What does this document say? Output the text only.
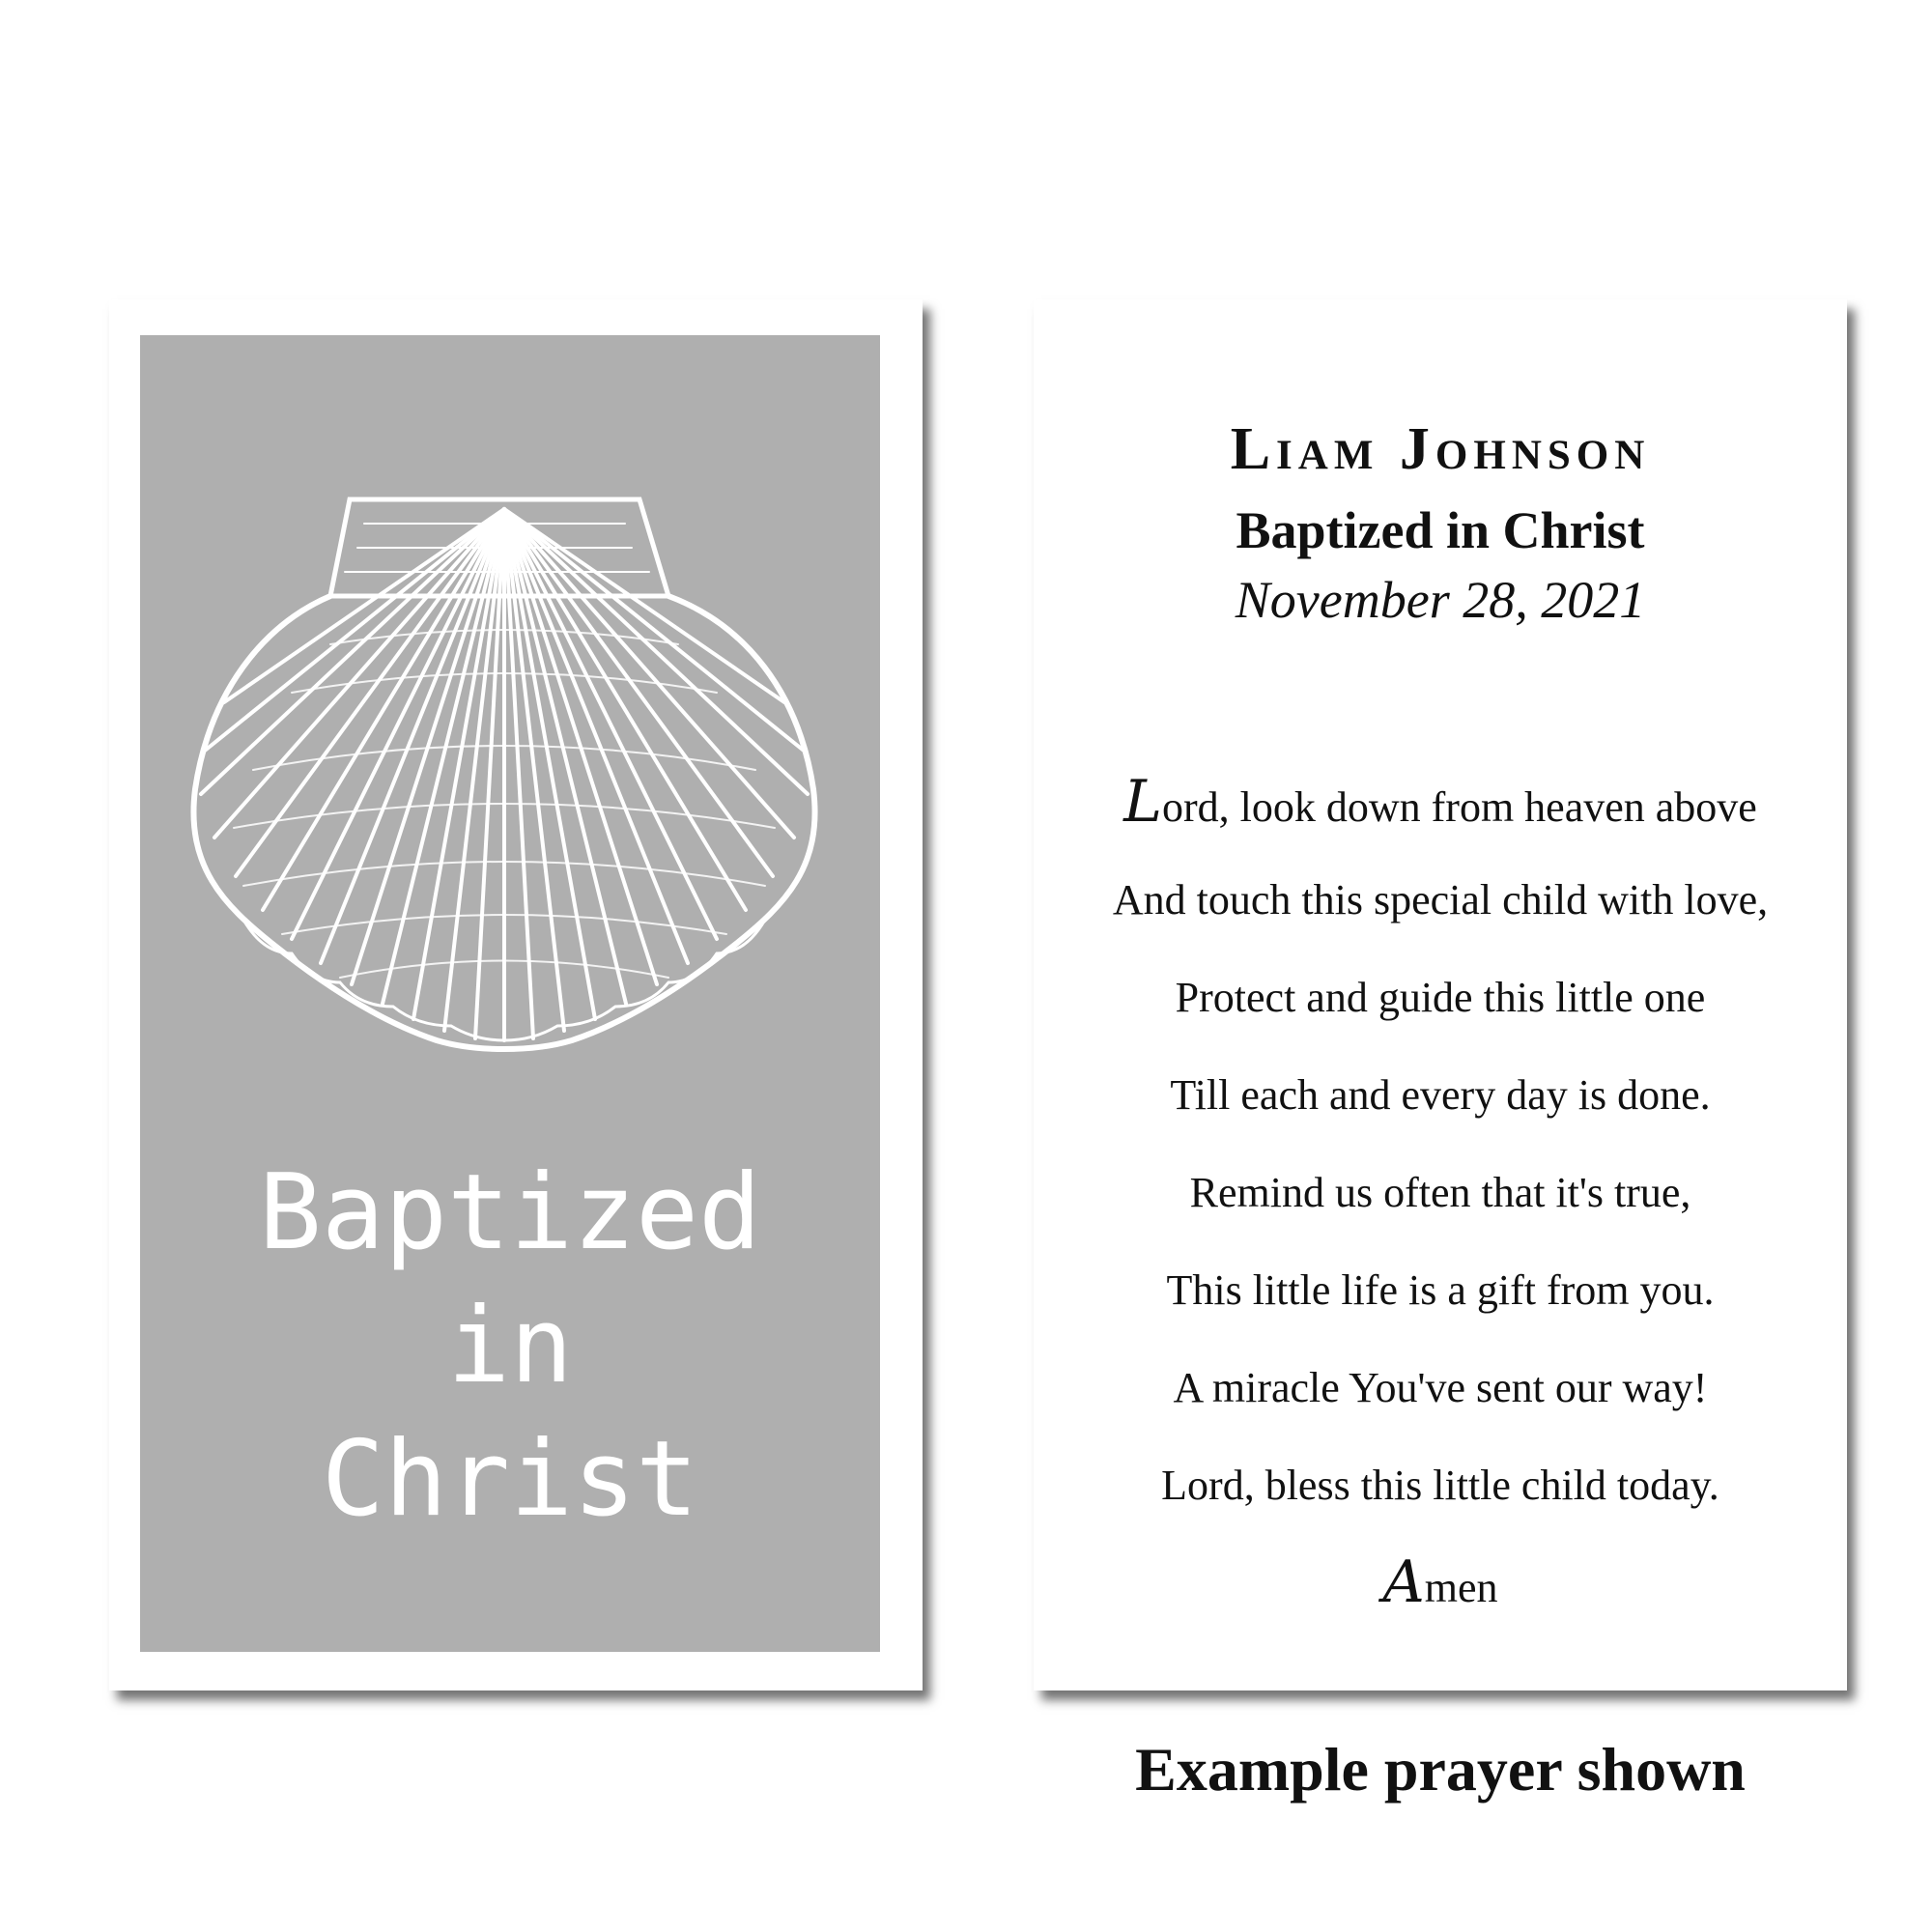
Baptized
in
Christ
Liam Johnson
Baptized in Christ
November 28, 2021
Lord, look down from heaven above
And touch this special child with love,
Protect and guide this little one
Till each and every day is done.
Remind us often that it's true,
This little life is a gift from you.
A miracle You've sent our way!
Lord, bless this little child today.
Amen
Example prayer shown
